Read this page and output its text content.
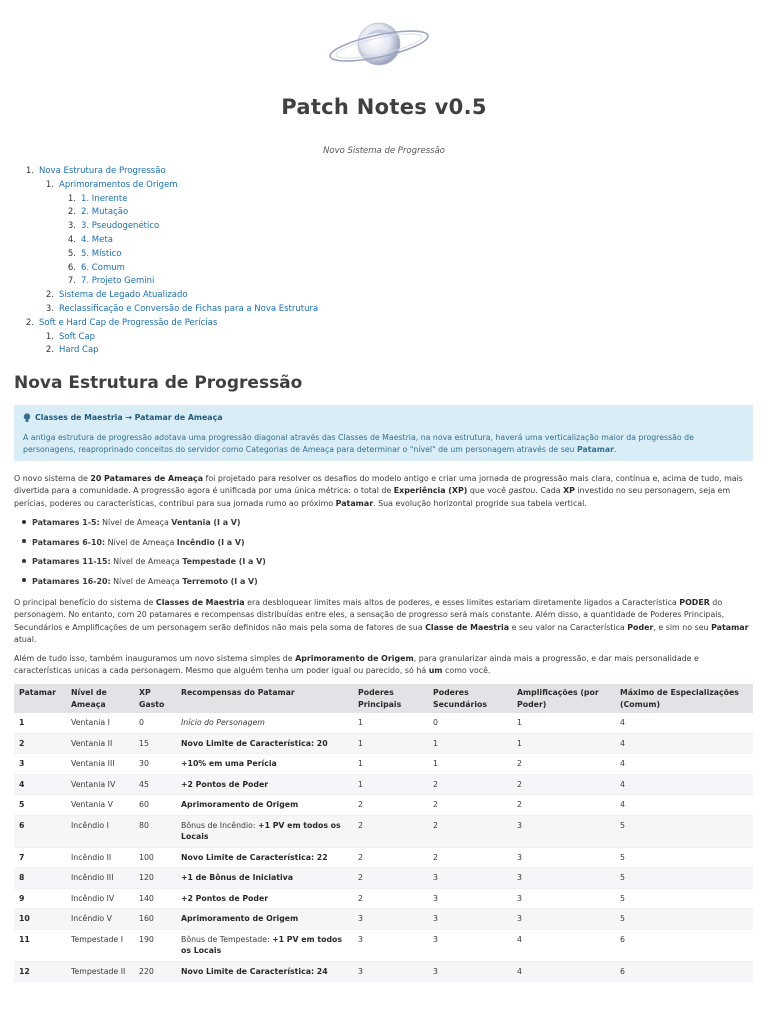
Patch Notes v0.5
Novo Sistema de Progressão
1. Nova Estrutura de Progressão
1. Aprimoramentos de Origem
1. 1. Inerente
2. 2. Mutação
3. 3. Pseudogenético
4. 4. Meta
5. 5. Místico
6. 6. Comum
7. 7. Projeto Gemini
2. Sistema de Legado Atualizado
3. Reclassificação e Conversão de Fichas para a Nova Estrutura
2. Soft e Hard Cap de Progressão de Perícias
1. Soft Cap
2. Hard Cap
Nova Estrutura de Progressão
Classes de Maestria → Patamar de Ameaça
A antiga estrutura de progressão adotava uma progressão diagonal através das Classes de Maestria, na nova estrutura, haverá uma verticalização maior da progressão de personagens, reaproprinado conceitos do servidor como Categorias de Ameaça para determinar o "nível" de um personagem através de seu Patamar.
O novo sistema de 20 Patamares de Ameaça foi projetado para resolver os desafios do modelo antigo e criar uma jornada de progressão mais clara, contínua e, acima de tudo, mais divertida para a comunidade. A progressão agora é unificada por uma única métrica: o total de Experiência (XP) que você gastou. Cada XP investido no seu personagem, seja em perícias, poderes ou características, contribui para sua jornada rumo ao próximo Patamar. Sua evolução horizontal progride sua tabela vertical.
Patamares 1-5: Nível de Ameaça Ventania (I a V)
Patamares 6-10: Nível de Ameaça Incêndio (I a V)
Patamares 11-15: Nível de Ameaça Tempestade (I a V)
Patamares 16-20: Nível de Ameaça Terremoto (I a V)
O principal benefício do sistema de Classes de Maestria era desbloquear limites mais altos de poderes, e esses limites estariam diretamente ligados a Característica PODER do personagem. No entanto, com 20 patamares e recompensas distribuídas entre eles, a sensação de progresso será mais constante. Além disso, a quantidade de Poderes Principais, Secundários e Amplificações de um personagem serão definidos não mais pela soma de fatores de sua Classe de Maestria e seu valor na Característica Poder, e sim no seu Patamar atual.
Além de tudo isso, também inauguramos um novo sistema simples de Aprimoramento de Origem, para granularizar ainda mais a progressão, e dar mais personalidade e características unicas a cada personagem. Mesmo que alguém tenha um poder igual ou parecido, só há um como você.
Patamar	Nível de Ameaça	XP Gasto	Recompensas do Patamar	Poderes Principais	Poderes Secundários	Amplificações (por Poder)	Máximo de Especializações (Comum)
1	Ventania I	0	Início do Personagem	1	0	1	4
2	Ventania II	15	Novo Limite de Característica: 20	1	1	1	4
3	Ventania III	30	+10% em uma Perícia	1	1	2	4
4	Ventania IV	45	+2 Pontos de Poder	1	2	2	4
5	Ventania V	60	Aprimoramento de Origem	2	2	2	4
6	Incêndio I	80	Bônus de Incêndio: +1 PV em todos os Locais	2	2	3	5
7	Incêndio II	100	Novo Limite de Característica: 22	2	2	3	5
8	Incêndio III	120	+1 de Bônus de Iniciativa	2	3	3	5
9	Incêndio IV	140	+2 Pontos de Poder	2	3	3	5
10	Incêndio V	160	Aprimoramento de Origem	3	3	3	5
11	Tempestade I	190	Bônus de Tempestade: +1 PV em todos os Locais	3	3	4	6
12	Tempestade II	220	Novo Limite de Característica: 24	3	3	4	6
